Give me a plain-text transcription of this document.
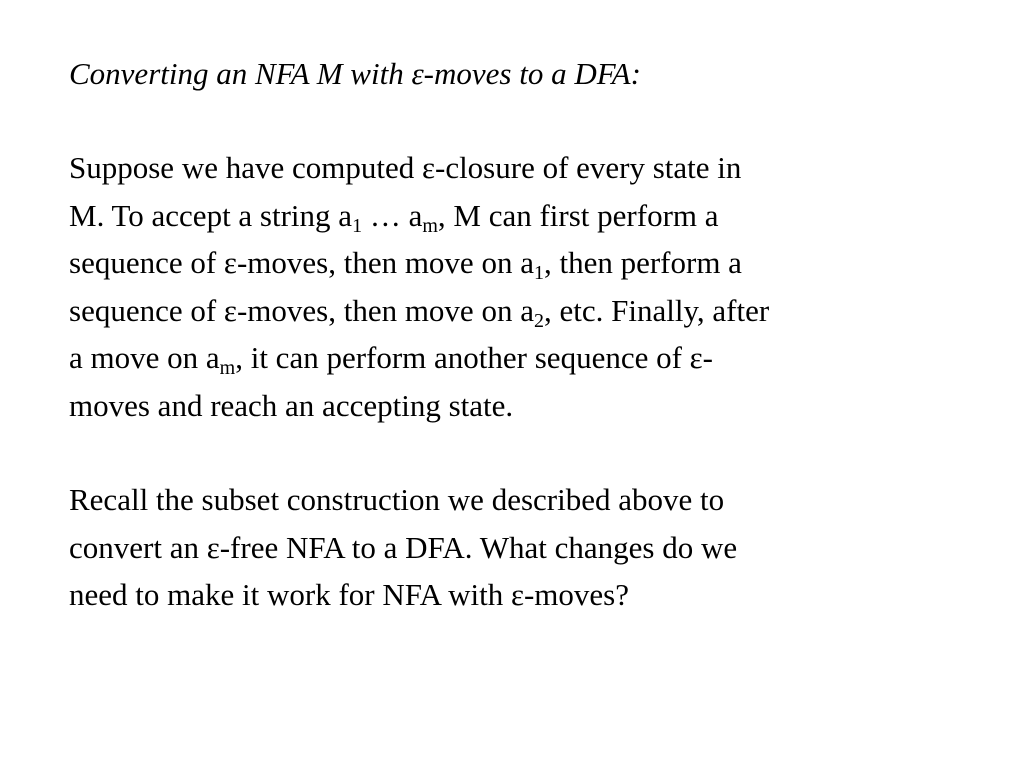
Converting an NFA M with ε-moves to a DFA:
Suppose we have computed ε-closure of every state in
M. To accept a string $a_1$ … $a_m$, M can first perform a
sequence of ε-moves, then move on $a_1$, then perform a
sequence of ε-moves, then move on $a_2$, etc. Finally, after
a move on $a_m$, it can perform another sequence of ε-
moves and reach an accepting state.
Recall the subset construction we described above to
convert an ε-free NFA to a DFA. What changes do we
need to make it work for NFA with ε-moves?
